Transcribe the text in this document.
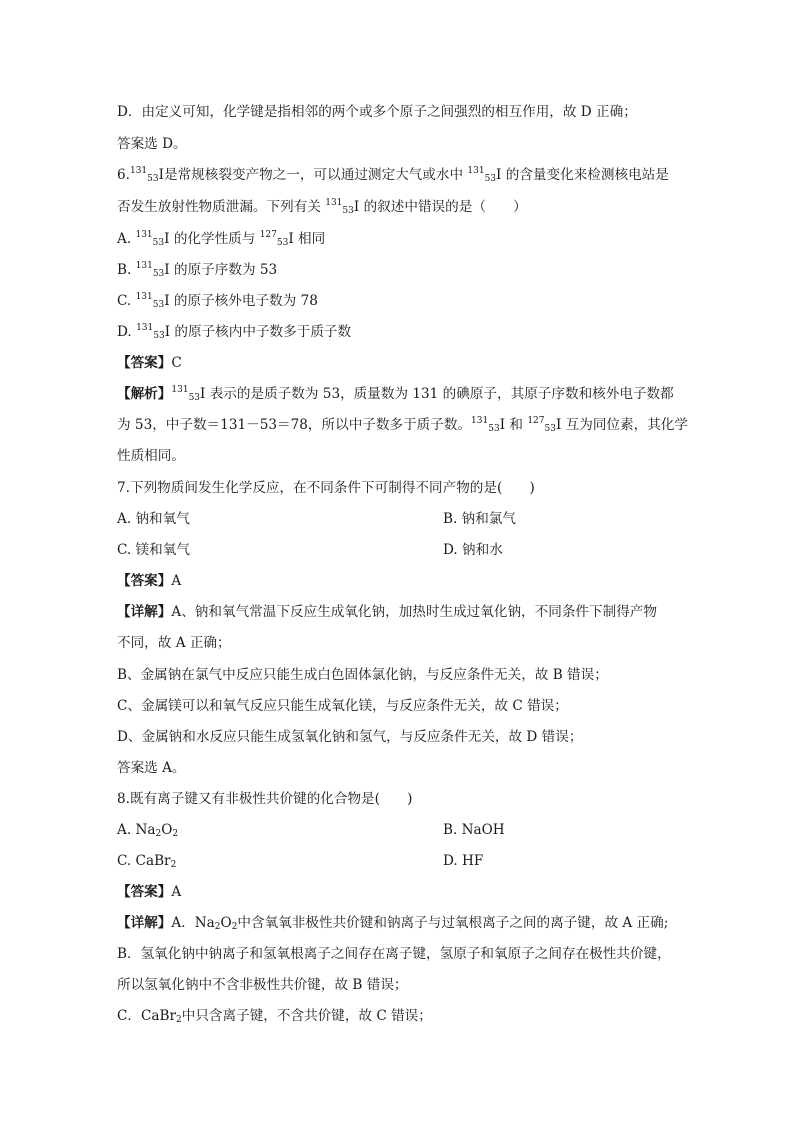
D．由定义可知，化学键是指相邻的两个或多个原子之间强烈的相互作用，故 D 正确；
答案选 D。
6.$^{131}_{53}$I是常规核裂变产物之一，可以通过测定大气或水中 $^{131}_{53}$I 的含量变化来检测核电站是
否发生放射性物质泄漏。下列有关 $^{131}_{53}$I 的叙述中错误的是（　　）
A. $^{131}_{53}$I 的化学性质与 $^{127}_{53}$I 相同
B. $^{131}_{53}$I 的原子序数为 53
C. $^{131}_{53}$I 的原子核外电子数为 78
D. $^{131}_{53}$I 的原子核内中子数多于质子数
【答案】C
【解析】$^{131}_{53}$I 表示的是质子数为 53，质量数为 131 的碘原子，其原子序数和核外电子数都
为 53，中子数＝131－53＝78，所以中子数多于质子数。$^{131}_{53}$I 和 $^{127}_{53}$I 互为同位素，其化学
性质相同。
7.下列物质间发生化学反应，在不同条件下可制得不同产物的是(　　)
A. 钠和氧气	B. 钠和氯气
C. 镁和氧气	D. 钠和水
【答案】A
【详解】A、钠和氧气常温下反应生成氧化钠，加热时生成过氧化钠，不同条件下制得产物
不同，故 A 正确；
B、金属钠在氯气中反应只能生成白色固体氯化钠，与反应条件无关，故 B 错误；
C、金属镁可以和氧气反应只能生成氧化镁，与反应条件无关，故 C 错误；
D、金属钠和水反应只能生成氢氧化钠和氢气，与反应条件无关，故 D 错误；
答案选 A。
8.既有离子键又有非极性共价键的化合物是(　　)
A. $Na_2O_2$	B. NaOH
C. CaBr$_2$	D. HF
【答案】A
【详解】A．$Na_2O_2$中含氧氧非极性共价键和钠离子与过氧根离子之间的离子键，故 A 正确;
B．氢氧化钠中钠离子和氢氧根离子之间存在离子键，氢原子和氧原子之间存在极性共价键，
所以氢氧化钠中不含非极性共价键，故 B 错误；
C．CaBr$_2$中只含离子键，不含共价键，故 C 错误；
